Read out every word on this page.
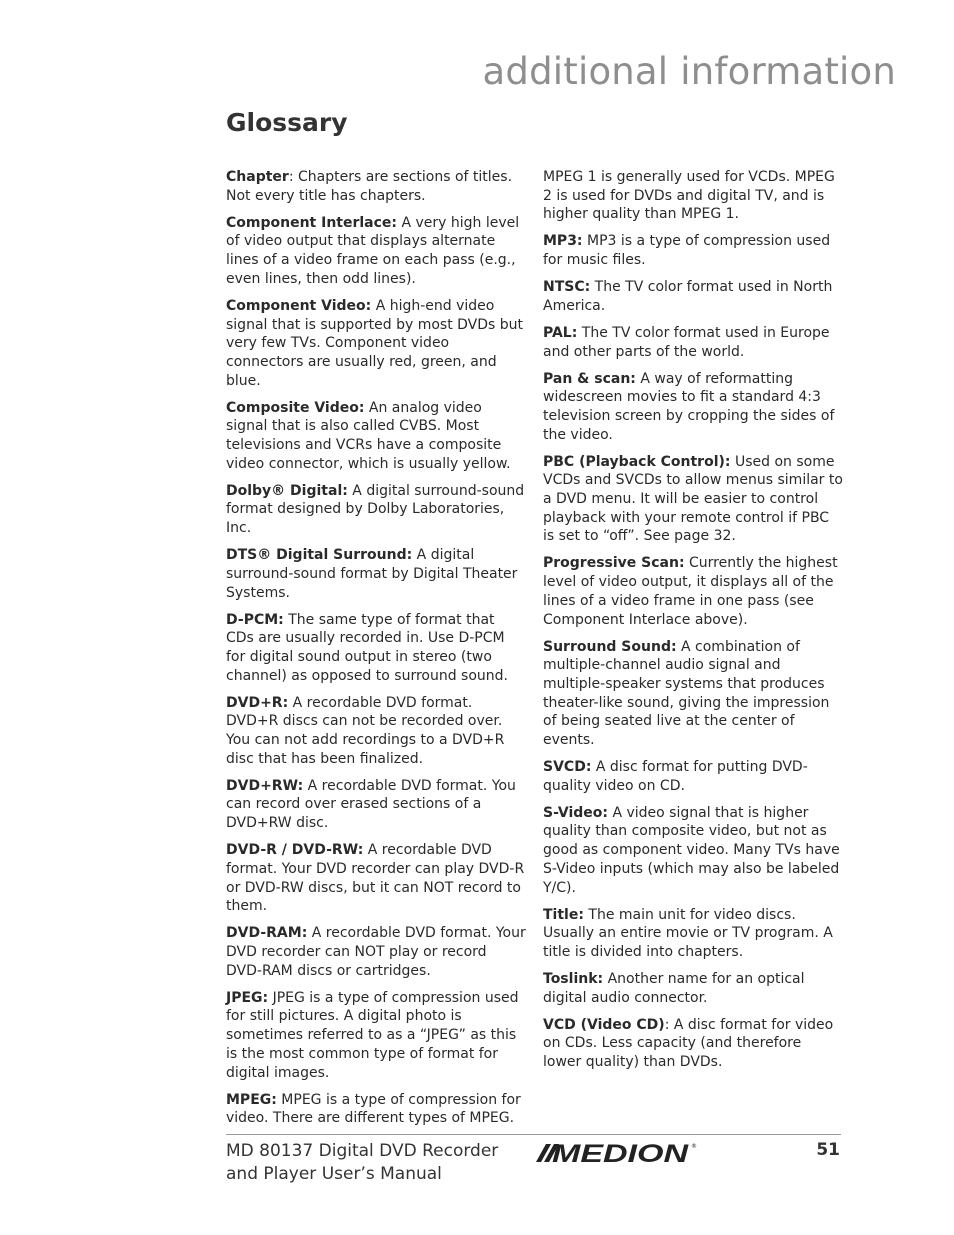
additional information
Glossary

Chapter: Chapters are sections of titles. Not every title has chapters.

Component Interlace: A very high level of video output that displays alternate lines of a video frame on each pass (e.g., even lines, then odd lines).

Component Video: A high-end video signal that is supported by most DVDs but very few TVs. Component video connectors are usually red, green, and blue.

Composite Video: An analog video signal that is also called CVBS. Most televisions and VCRs have a composite video connector, which is usually yellow.

Dolby® Digital: A digital surround-sound format designed by Dolby Laboratories, Inc.

DTS® Digital Surround: A digital surround-sound format by Digital Theater Systems.

D-PCM: The same type of format that CDs are usually recorded in. Use D-PCM for digital sound output in stereo (two channel) as opposed to surround sound.

DVD+R: A recordable DVD format. DVD+R discs can not be recorded over. You can not add recordings to a DVD+R disc that has been finalized.

DVD+RW: A recordable DVD format. You can record over erased sections of a DVD+RW disc.

DVD-R / DVD-RW: A recordable DVD format. Your DVD recorder can play DVD-R or DVD-RW discs, but it can NOT record to them.

DVD-RAM: A recordable DVD format. Your DVD recorder can NOT play or record DVD-RAM discs or cartridges.

JPEG: JPEG is a type of compression used for still pictures. A digital photo is sometimes referred to as a “JPEG” as this is the most common type of format for digital images.

MPEG: MPEG is a type of compression for video. There are different types of MPEG.

MPEG 1 is generally used for VCDs. MPEG 2 is used for DVDs and digital TV, and is higher quality than MPEG 1.

MP3: MP3 is a type of compression used for music files.

NTSC: The TV color format used in North America.

PAL: The TV color format used in Europe and other parts of the world.

Pan & scan: A way of reformatting widescreen movies to fit a standard 4:3 television screen by cropping the sides of the video.

PBC (Playback Control): Used on some VCDs and SVCDs to allow menus similar to a DVD menu. It will be easier to control playback with your remote control if PBC is set to “off”. See page 32.

Progressive Scan: Currently the highest level of video output, it displays all of the lines of a video frame in one pass (see Component Interlace above).

Surround Sound: A combination of multiple-channel audio signal and multiple-speaker systems that produces theater-like sound, giving the impression of being seated live at the center of events.

SVCD: A disc format for putting DVD-quality video on CD.

S-Video: A video signal that is higher quality than composite video, but not as good as component video. Many TVs have S-Video inputs (which may also be labeled Y/C).

Title: The main unit for video discs. Usually an entire movie or TV program. A title is divided into chapters.

Toslink: Another name for an optical digital audio connector.

VCD (Video CD): A disc format for video on CDs. Less capacity (and therefore lower quality) than DVDs.

MD 80137 Digital DVD Recorder
and Player User’s Manual
MEDION ®	51
